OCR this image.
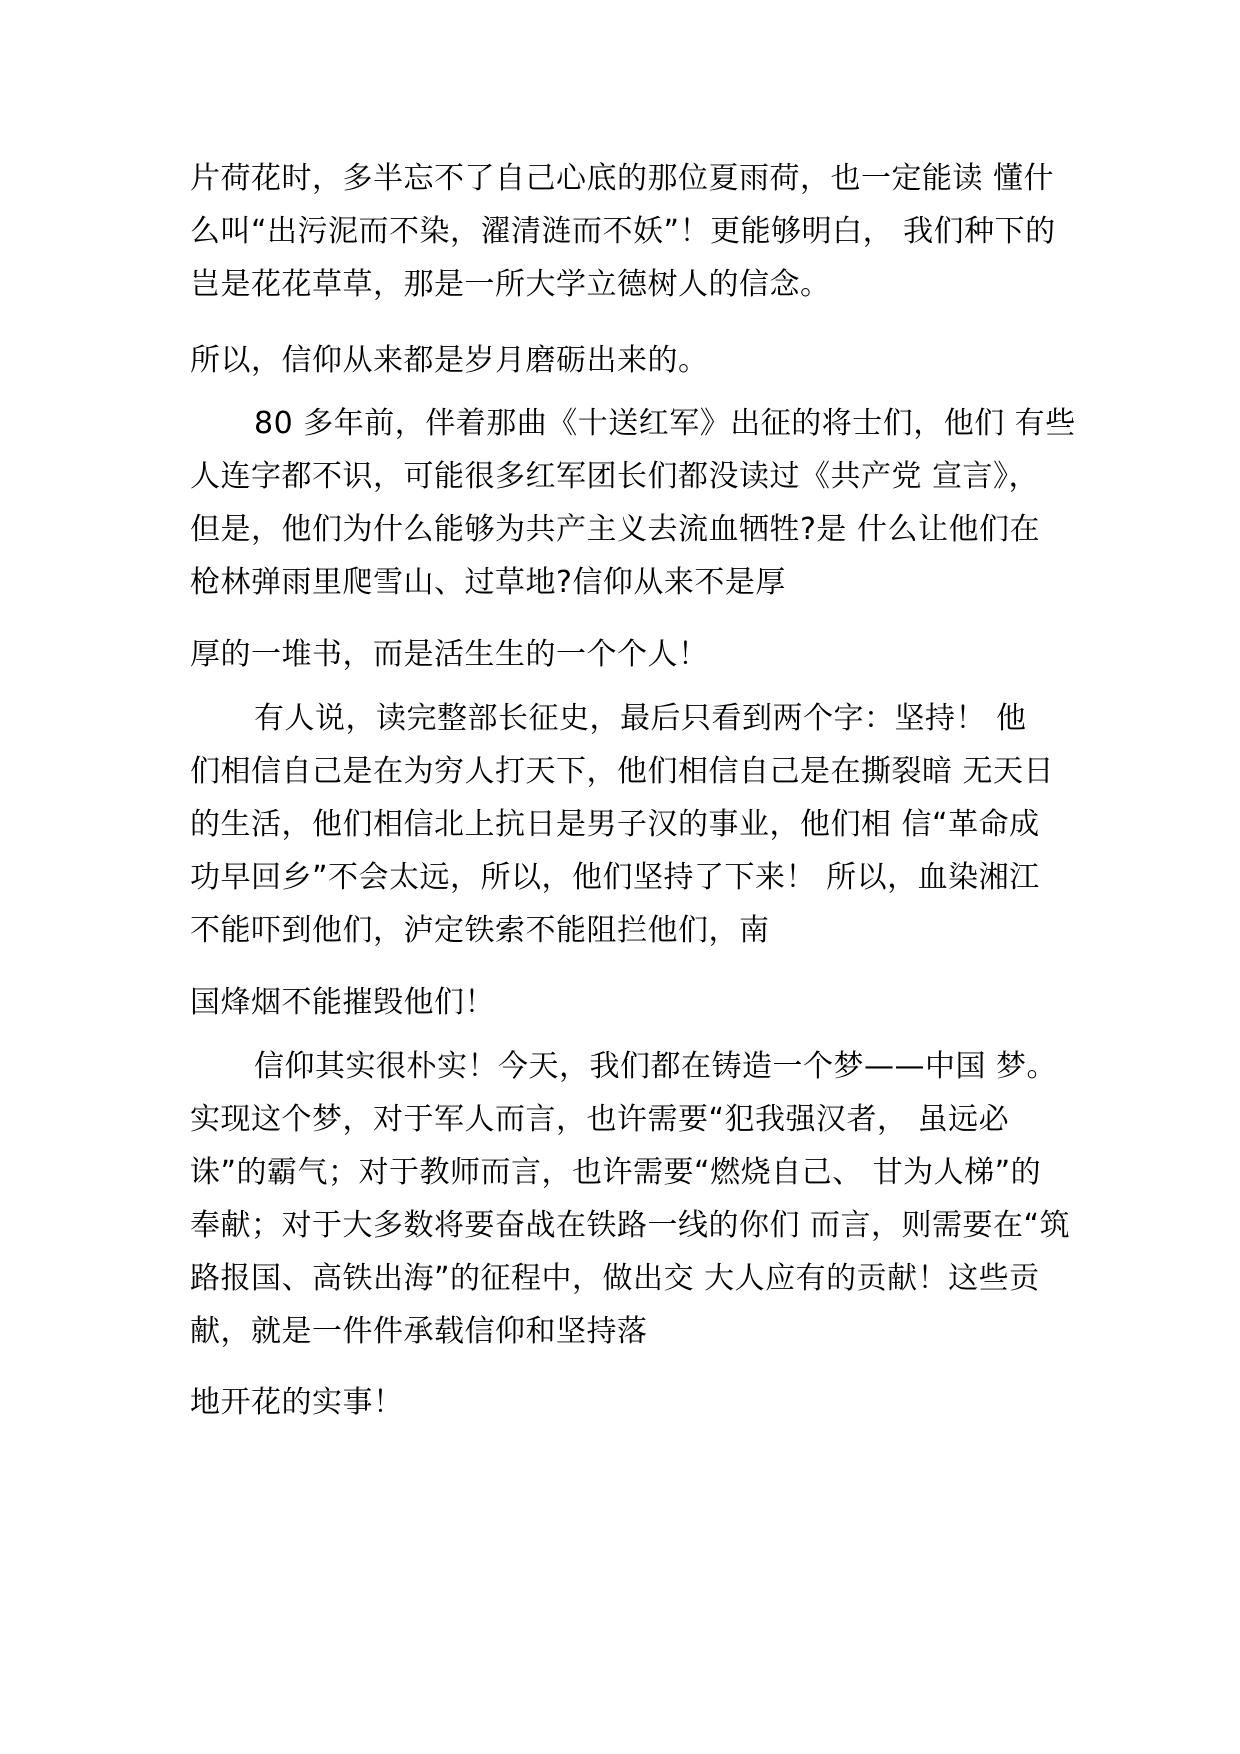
片荷花时，多半忘不了自己心底的那位夏雨荷，也一定能读 懂什
么叫“出污泥而不染，濯清涟而不妖”！更能够明白， 我们种下的
岂是花花草草，那是一所大学立德树人的信念。
所以，信仰从来都是岁月磨砺出来的。
80 多年前，伴着那曲《十送红军》出征的将士们，他们 有些
人连字都不识，可能很多红军团长们都没读过《共产党 宣言》，
但是，他们为什么能够为共产主义去流血牺牲?是 什么让他们在
枪林弹雨里爬雪山、过草地?信仰从来不是厚
厚的一堆书，而是活生生的一个个人！
有人说，读完整部长征史，最后只看到两个字：坚持！ 他
们相信自己是在为穷人打天下，他们相信自己是在撕裂暗 无天日
的生活，他们相信北上抗日是男子汉的事业，他们相 信“革命成
功早回乡”不会太远，所以，他们坚持了下来！ 所以，血染湘江
不能吓到他们，泸定铁索不能阻拦他们，南
国烽烟不能摧毁他们！
信仰其实很朴实！今天，我们都在铸造一个梦——中国 梦。
实现这个梦，对于军人而言，也许需要“犯我强汉者， 虽远必
诛”的霸气；对于教师而言，也许需要“燃烧自己、 甘为人梯”的
奉献；对于大多数将要奋战在铁路一线的你们 而言，则需要在“筑
路报国、高铁出海”的征程中，做出交 大人应有的贡献！这些贡
献，就是一件件承载信仰和坚持落
地开花的实事！
